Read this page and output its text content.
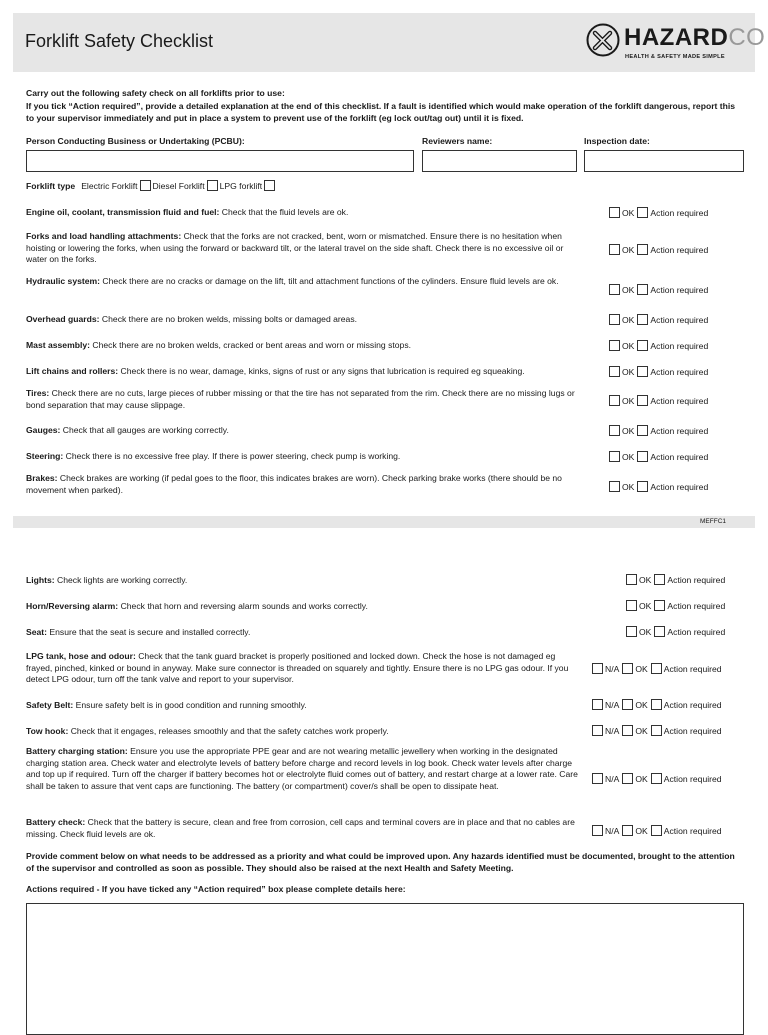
Forklift Safety Checklist	HAZARDCO
HEALTH & SAFETY MADE SIMPLE

Carry out the following safety check on all forklifts prior to use:

If you tick “Action required”, provide a detailed explanation at the end of this checklist. If a fault is identified which would make operation of the forklift dangerous, report this to your supervisor immediately and put in place a system to prevent use of the forklift (eg lock out/tag out) until it is fixed.

Person Conducting Business or Undertaking (PCBU):	Reviewers name:	Inspection date:
Forklift type Electric Forklift Diesel Forklift LPG forklift
Engine oil, coolant, transmission fluid and fuel: Check that the fluid levels are ok.	OK Action required
Forks and load handling attachments: Check that the forks are not cracked, bent, worn or mismatched. Ensure there is no hesitation when hoisting or lowering the forks, when using the forward or backward tilt, or the lateral travel on the side shaft. Check there is no excessive oil or water on the forks.
OK Action required
Hydraulic system: Check there are no cracks or damage on the lift, tilt and attachment functions of the cylinders. Ensure fluid levels are ok.
OK Action required
Overhead guards: Check there are no broken welds, missing bolts or damaged areas.	OK Action required
Mast assembly: Check there are no broken welds, cracked or bent areas and worn or missing stops.	OK Action required
Lift chains and rollers: Check there is no wear, damage, kinks, signs of rust or any signs that lubrication is required eg squeaking.	OK Action required
Tires: Check there are no cuts, large pieces of rubber missing or that the tire has not separated from the rim. Check there are no missing lugs or bond separation that may cause slippage.	OK Action required
Gauges: Check that all gauges are working correctly.	OK Action required
Steering: Check there is no excessive free play. If there is power steering, check pump is working.	OK Action required
Brakes: Check brakes are working (if pedal goes to the floor, this indicates brakes are worn). Check parking brake works (there should be no movement when parked).	OK Action required
MEFFC1
Lights: Check lights are working correctly.	OK Action required
Horn/Reversing alarm: Check that horn and reversing alarm sounds and works correctly.	OK Action required
Seat: Ensure that the seat is secure and installed correctly.	OK Action required
LPG tank, hose and odour: Check that the tank guard bracket is properly positioned and locked down. Check the hose is not damaged eg frayed, pinched, kinked or bound in anyway. Make sure connector is threaded on squarely and tightly. Ensure there is no LPG gas odour. If you detect LPG odour, turn off the tank valve and report to your supervisor.
N/A OK Action required
Safety Belt: Ensure safety belt is in good condition and running smoothly.	N/A OK Action required
Tow hook: Check that it engages, releases smoothly and that the safety catches work properly.	N/A OK Action required
Battery charging station: Ensure you use the appropriate PPE gear and are not wearing metallic jewellery when working in the designated charging station area. Check water and electrolyte levels of battery before charge and record levels in log book. Check water levels after charge and top up if required. Turn off the charger if battery becomes hot or electrolyte fluid comes out of battery, and restart charge at a lower rate. Care shall be taken to assure that vent caps are functioning. The battery (or compartment) cover/s shall be open to dissipate heat.
N/A OK Action required
Battery check: Check that the battery is secure, clean and free from corrosion, cell caps and terminal covers are in place and that no cables are missing. Check fluid levels are ok.	N/A OK Action required

Provide comment below on what needs to be addressed as a priority and what could be improved upon. Any hazards identified must be documented, brought to the attention of the supervisor and controlled as soon as possible. They should also be raised at the next Health and Safety Meeting.

Actions required - If you have ticked any “Action required” box please complete details here:
